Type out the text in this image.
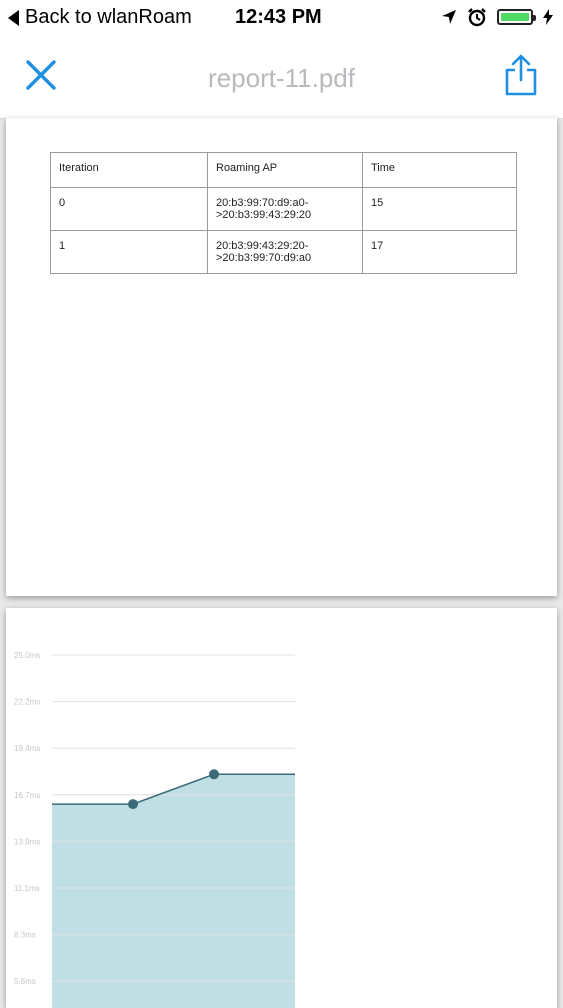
Back to wlanRoam 12:43 PM
report-11.pdf
Iteration	Roaming AP	Time
0	20:b3:99:70:d9:a0-
>20:b3:99:43:29:20	15
1	20:b3:99:43:29:20-
>20:b3:99:70:d9:a0	17
25.0ms
22.2ms
19.4ms
16.7ms
13.9ms
11.1ms
8.3ms
5.6ms
